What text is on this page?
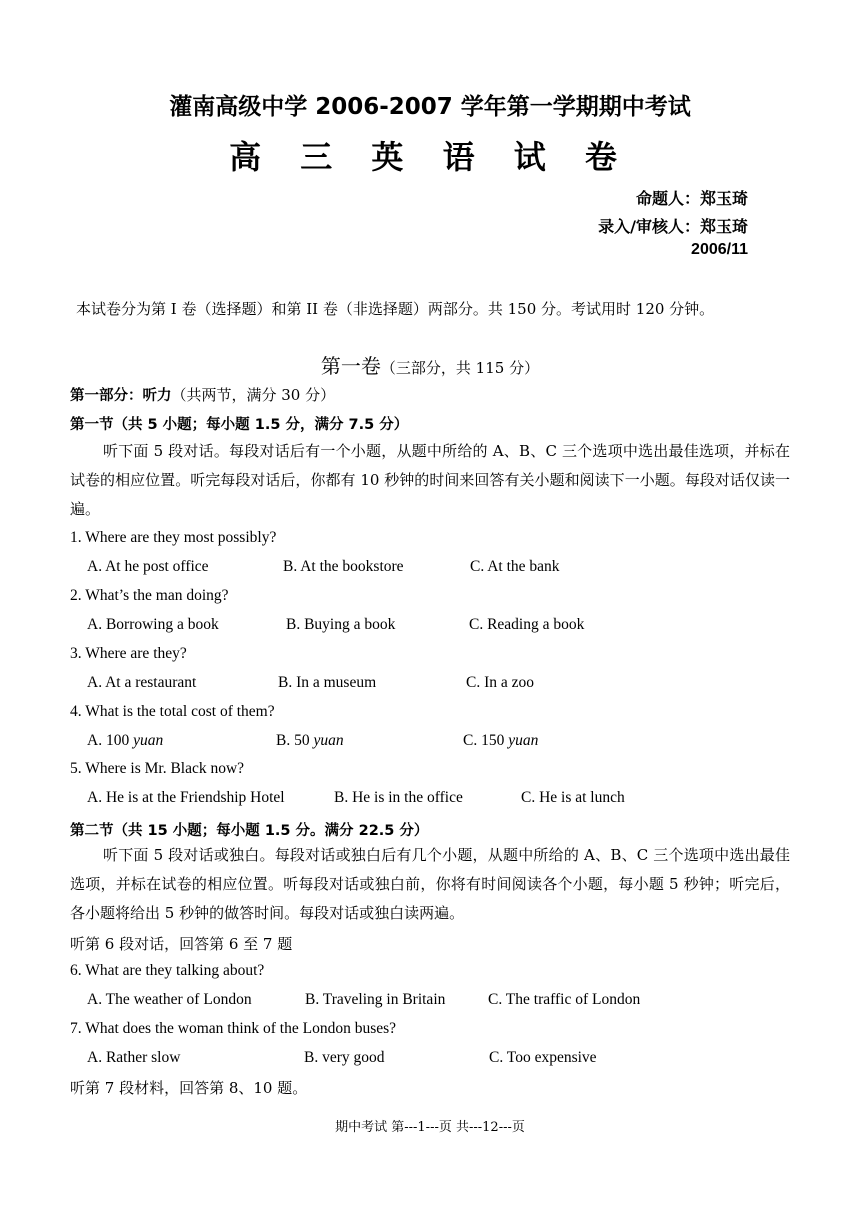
灌南高级中学 2006-2007 学年第一学期期中考试
高 三 英 语 试 卷
命题人：郑玉琦
录入/审核人：郑玉琦
2006/11
本试卷分为第 I 卷（选择题）和第 II 卷（非选择题）两部分。共 150 分。考试用时 120 分钟。
第一卷（三部分，共 115 分）
第一部分：听力（共两节，满分 30 分）
第一节（共 5 小题；每小题 1.5 分，满分 7.5 分）
听下面 5 段对话。每段对话后有一个小题，从题中所给的 A、B、C 三个选项中选出最佳选项，并标在试卷的相应位置。听完每段对话后，你都有 10 秒钟的时间来回答有关小题和阅读下一小题。每段对话仅读一遍。
1. Where are they most possibly?
A. At he post office	B. At the bookstore	C. At the bank
2. What’s the man doing?
A. Borrowing a book	B. Buying a book	C. Reading a book
3. Where are they?
A. At a restaurant	B. In a museum	C. In a zoo
4. What is the total cost of them?
A. 100 yuan	B. 50 yuan	C. 150 yuan
5. Where is Mr. Black now?
A. He is at the Friendship Hotel	B. He is in the office	C. He is at lunch
第二节（共 15 小题；每小题 1.5 分。满分 22.5 分）
听下面 5 段对话或独白。每段对话或独白后有几个小题，从题中所给的 A、B、C 三个选项中选出最佳选项，并标在试卷的相应位置。听每段对话或独白前，你将有时间阅读各个小题，每小题 5 秒钟；听完后，各小题将给出 5 秒钟的做答时间。每段对话或独白读两遍。
听第 6 段对话，回答第 6 至 7 题
6. What are they talking about?
A. The weather of London	B. Traveling in Britain	C. The traffic of London
7. What does the woman think of the London buses?
A. Rather slow	B. very good	C. Too expensive
听第 7 段材料，回答第 8、10 题。
期中考试 第---1---页 共---12---页
